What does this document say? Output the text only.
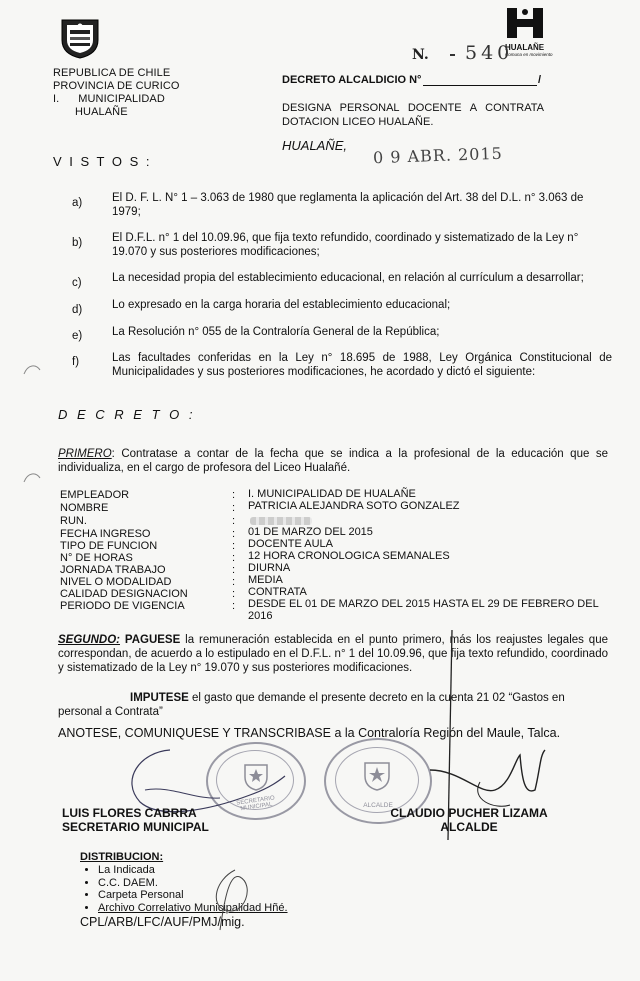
REPUBLICA DE CHILE
PROVINCIA DE CURICO
I.      MUNICIPALIDAD
HUALAÑE
HUALAÑE
Comuna en movimiento
N. 540
DECRETO ALCALDICIO N°	/
DESIGNA PERSONAL DOCENTE A CONTRATA DOTACION LICEO HUALAÑE.
HUALAÑE, 0 9 ABR. 2015
V I S T O S :
a)	El D. F. L. N° 1 – 3.063 de 1980 que reglamenta la aplicación del Art. 38 del D.L. n° 3.063 de 1979;
b)	El D.F.L. n° 1 del 10.09.96, que fija texto refundido, coordinado y sistematizado de la Ley n° 19.070 y sus posteriores modificaciones;
c)	La necesidad propia del establecimiento educacional, en relación al currículum a desarrollar;
d)	Lo expresado en la carga horaria del establecimiento educacional;
e)	La Resolución n° 055 de la Contraloría General de la República;
f)	Las facultades conferidas en la Ley n° 18.695 de 1988, Ley Orgánica Constitucional de Municipalidades y sus posteriores modificaciones, he acordado y dictó el siguiente:
D E C R E T O :
PRIMERO: Contratase a contar de la fecha que se indica a la profesional de la educación que se individualiza, en el cargo de profesora del Liceo Hualañé.
EMPLEADOR	: I. MUNICIPALIDAD DE HUALAÑE
NOMBRE	: PATRICIA ALEJANDRA SOTO GONZALEZ
RUN.	:
FECHA INGRESO	: 01 DE MARZO DEL 2015
TIPO DE FUNCION	: DOCENTE AULA
N° DE HORAS	: 12 HORA CRONOLOGICA SEMANALES
JORNADA TRABAJO	: DIURNA
NIVEL O MODALIDAD	: MEDIA
CALIDAD DESIGNACION	: CONTRATA
PERIODO DE VIGENCIA	: DESDE EL 01 DE MARZO DEL 2015 HASTA EL 29 DE FEBRERO DEL 2016
SEGUNDO: PAGUESE la remuneración establecida en el punto primero, más los reajustes legales que correspondan, de acuerdo a lo estipulado en el D.F.L. n° 1 del 10.09.96, que fija texto refundido, coordinado y sistematizado de la Ley n° 19.070 y sus posteriores modificaciones.
IMPUTESE el gasto que demande el presente decreto en la cuenta 21 02 “Gastos en personal a Contrata”
ANOTESE, COMUNIQUESE Y TRANSCRIBASE a la Contraloría Región del Maule, Talca.
SECRETARIO MUNICIPAL	ALCALDE
LUIS FLORES CABRRA
SECRETARIO MUNICIPAL
CLAUDIO PUCHER LIZAMA
ALCALDE
DISTRIBUCION:
• La Indicada
• C.C. DAEM.
• Carpeta Personal
• Archivo Correlativo Municipalidad Hñé.
CPL/ARB/LFC/AUF/PMJ/mig.
